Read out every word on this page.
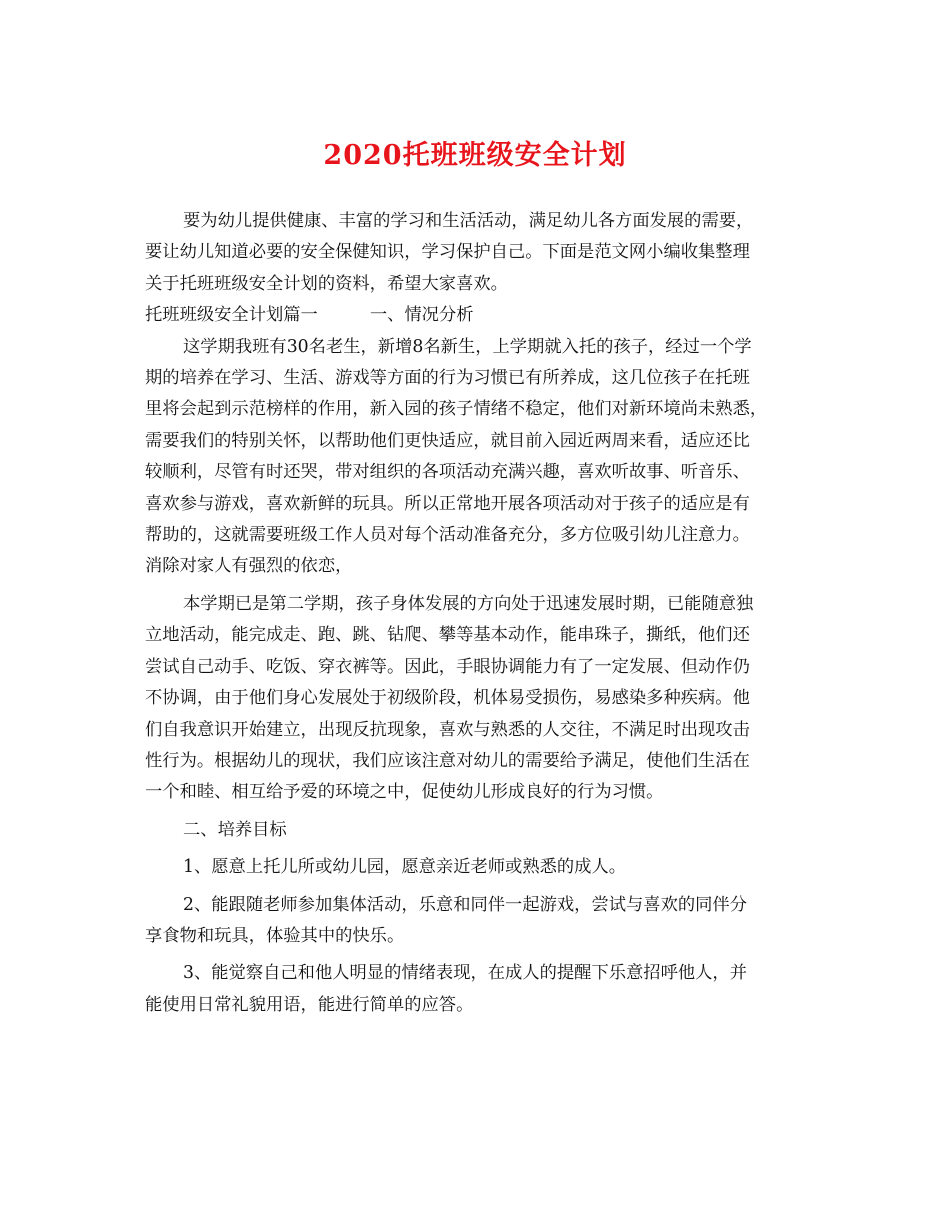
2020托班班级安全计划
要为幼儿提供健康、丰富的学习和生活活动，满足幼儿各方面发展的需要，
要让幼儿知道必要的安全保健知识，学习保护自己。下面是范文网小编收集整理
关于托班班级安全计划的资料，希望大家喜欢。
托班班级安全计划篇一	一、情况分析
这学期我班有30名老生，新增8名新生，上学期就入托的孩子，经过一个学
期的培养在学习、生活、游戏等方面的行为习惯已有所养成，这几位孩子在托班
里将会起到示范榜样的作用，新入园的孩子情绪不稳定，他们对新环境尚未熟悉，
需要我们的特别关怀，以帮助他们更快适应，就目前入园近两周来看，适应还比
较顺利，尽管有时还哭，带对组织的各项活动充满兴趣，喜欢听故事、听音乐、
喜欢参与游戏，喜欢新鲜的玩具。所以正常地开展各项活动对于孩子的适应是有
帮助的，这就需要班级工作人员对每个活动准备充分，多方位吸引幼儿注意力。
消除对家人有强烈的依恋，
本学期已是第二学期，孩子身体发展的方向处于迅速发展时期，已能随意独
立地活动，能完成走、跑、跳、钻爬、攀等基本动作，能串珠子，撕纸，他们还
尝试自己动手、吃饭、穿衣裤等。因此，手眼协调能力有了一定发展、但动作仍
不协调，由于他们身心发展处于初级阶段，机体易受损伤，易感染多种疾病。他
们自我意识开始建立，出现反抗现象，喜欢与熟悉的人交往，不满足时出现攻击
性行为。根据幼儿的现状，我们应该注意对幼儿的需要给予满足，使他们生活在
一个和睦、相互给予爱的环境之中，促使幼儿形成良好的行为习惯。
二、培养目标
1、愿意上托儿所或幼儿园，愿意亲近老师或熟悉的成人。
2、能跟随老师参加集体活动，乐意和同伴一起游戏，尝试与喜欢的同伴分
享食物和玩具，体验其中的快乐。
3、能觉察自己和他人明显的情绪表现，在成人的提醒下乐意招呼他人，并
能使用日常礼貌用语，能进行简单的应答。
